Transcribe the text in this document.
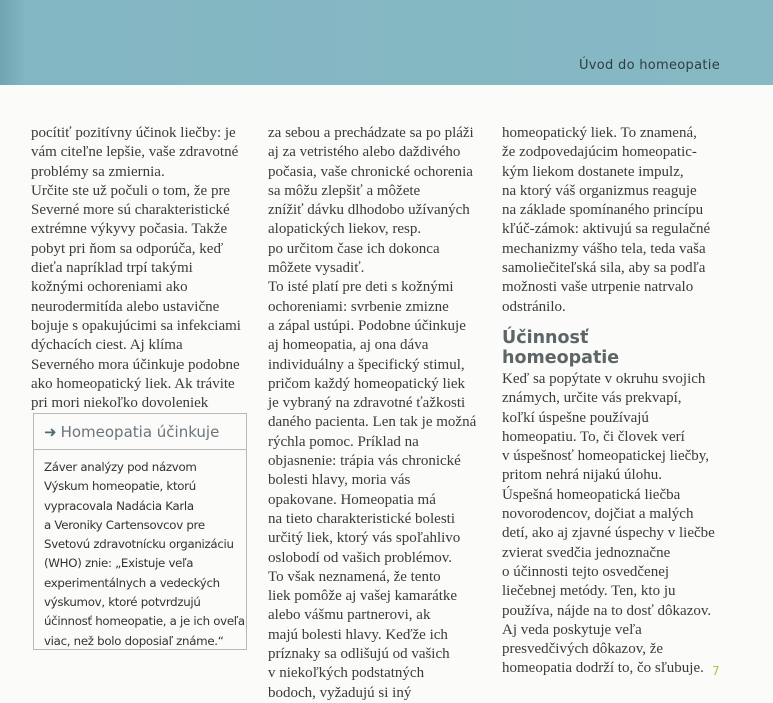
Úvod do homeopatie
pocítiť pozitívny účinok liečby: je
vám citeľne lepšie, vaše zdravotné
problémy sa zmiernia.
Určite ste už počuli o tom, že pre
Severné more sú charakteristické
extrémne výkyvy počasia. Takže
pobyt pri ňom sa odporúča, keď
dieťa napríklad trpí takými
kožnými ochoreniami ako
neurodermitída alebo ustavične
bojuje s opakujúcimi sa infekciami
dýchacích ciest. Aj klíma
Severného mora účinkuje podobne
ako homeopatický liek. Ak trávite
pri mori niekoľko dovoleniek
➜ Homeopatia účinkuje
Záver analýzy pod názvom
Výskum homeopatie, ktorú
vypracovala Nadácia Karla
a Veroniky Cartensovcov pre
Svetovú zdravotnícku organizáciu
(WHO) znie: „Existuje veľa
experimentálnych a vedeckých
výskumov, ktoré potvrdzujú
účinnosť homeopatie, a je ich oveľa
viac, než bolo doposiaľ známe.“
za sebou a prechádzate sa po pláži
aj za vetristého alebo daždivého
počasia, vaše chronické ochorenia
sa môžu zlepšiť a môžete
znížiť dávku dlhodobo užívaných
alopatických liekov, resp.
po určitom čase ich dokonca
môžete vysadiť.
To isté platí pre deti s kožnými
ochoreniami: svrbenie zmizne
a zápal ustúpi. Podobne účinkuje
aj homeopatia, aj ona dáva
individuálny a špecifický stimul,
pričom každý homeopatický liek
je vybraný na zdravotné ťažkosti
daného pacienta. Len tak je možná
rýchla pomoc. Príklad na
objasnenie: trápia vás chronické
bolesti hlavy, moria vás
opakovane. Homeopatia má
na tieto charakteristické bolesti
určitý liek, ktorý vás spoľahlivo
oslobodí od vašich problémov.
To však neznamená, že tento
liek pomôže aj vašej kamarátke
alebo vášmu partnerovi, ak
majú bolesti hlavy. Keďže ich
príznaky sa odlišujú od vašich
v niekoľkých podstatných
bodoch, vyžadujú si iný
homeopatický liek. To znamená,
že zodpovedajúcim homeopatic-
kým liekom dostanete impulz,
na ktorý váš organizmus reaguje
na základe spomínaného princípu
kľúč-zámok: aktivujú sa regulačné
mechanizmy vášho tela, teda vaša
samoliečiteľská sila, aby sa podľa
možnosti vaše utrpenie natrvalo
odstránilo.
Účinnosť
homeopatie
Keď sa popýtate v okruhu svojich
známych, určite vás prekvapí,
koľkí úspešne používajú
homeopatiu. To, či človek verí
v úspešnosť homeopatickej liečby,
pritom nehrá nijakú úlohu.
Úspešná homeopatická liečba
novorodencov, dojčiat a malých
detí, ako aj zjavné úspechy v liečbe
zvierat svedčia jednoznačne
o účinnosti tejto osvedčenej
liečebnej metódy. Ten, kto ju
používa, nájde na to dosť dôkazov.
Aj veda poskytuje veľa
presvedčivých dôkazov, že
homeopatia dodrží to, čo sľubuje. 7
